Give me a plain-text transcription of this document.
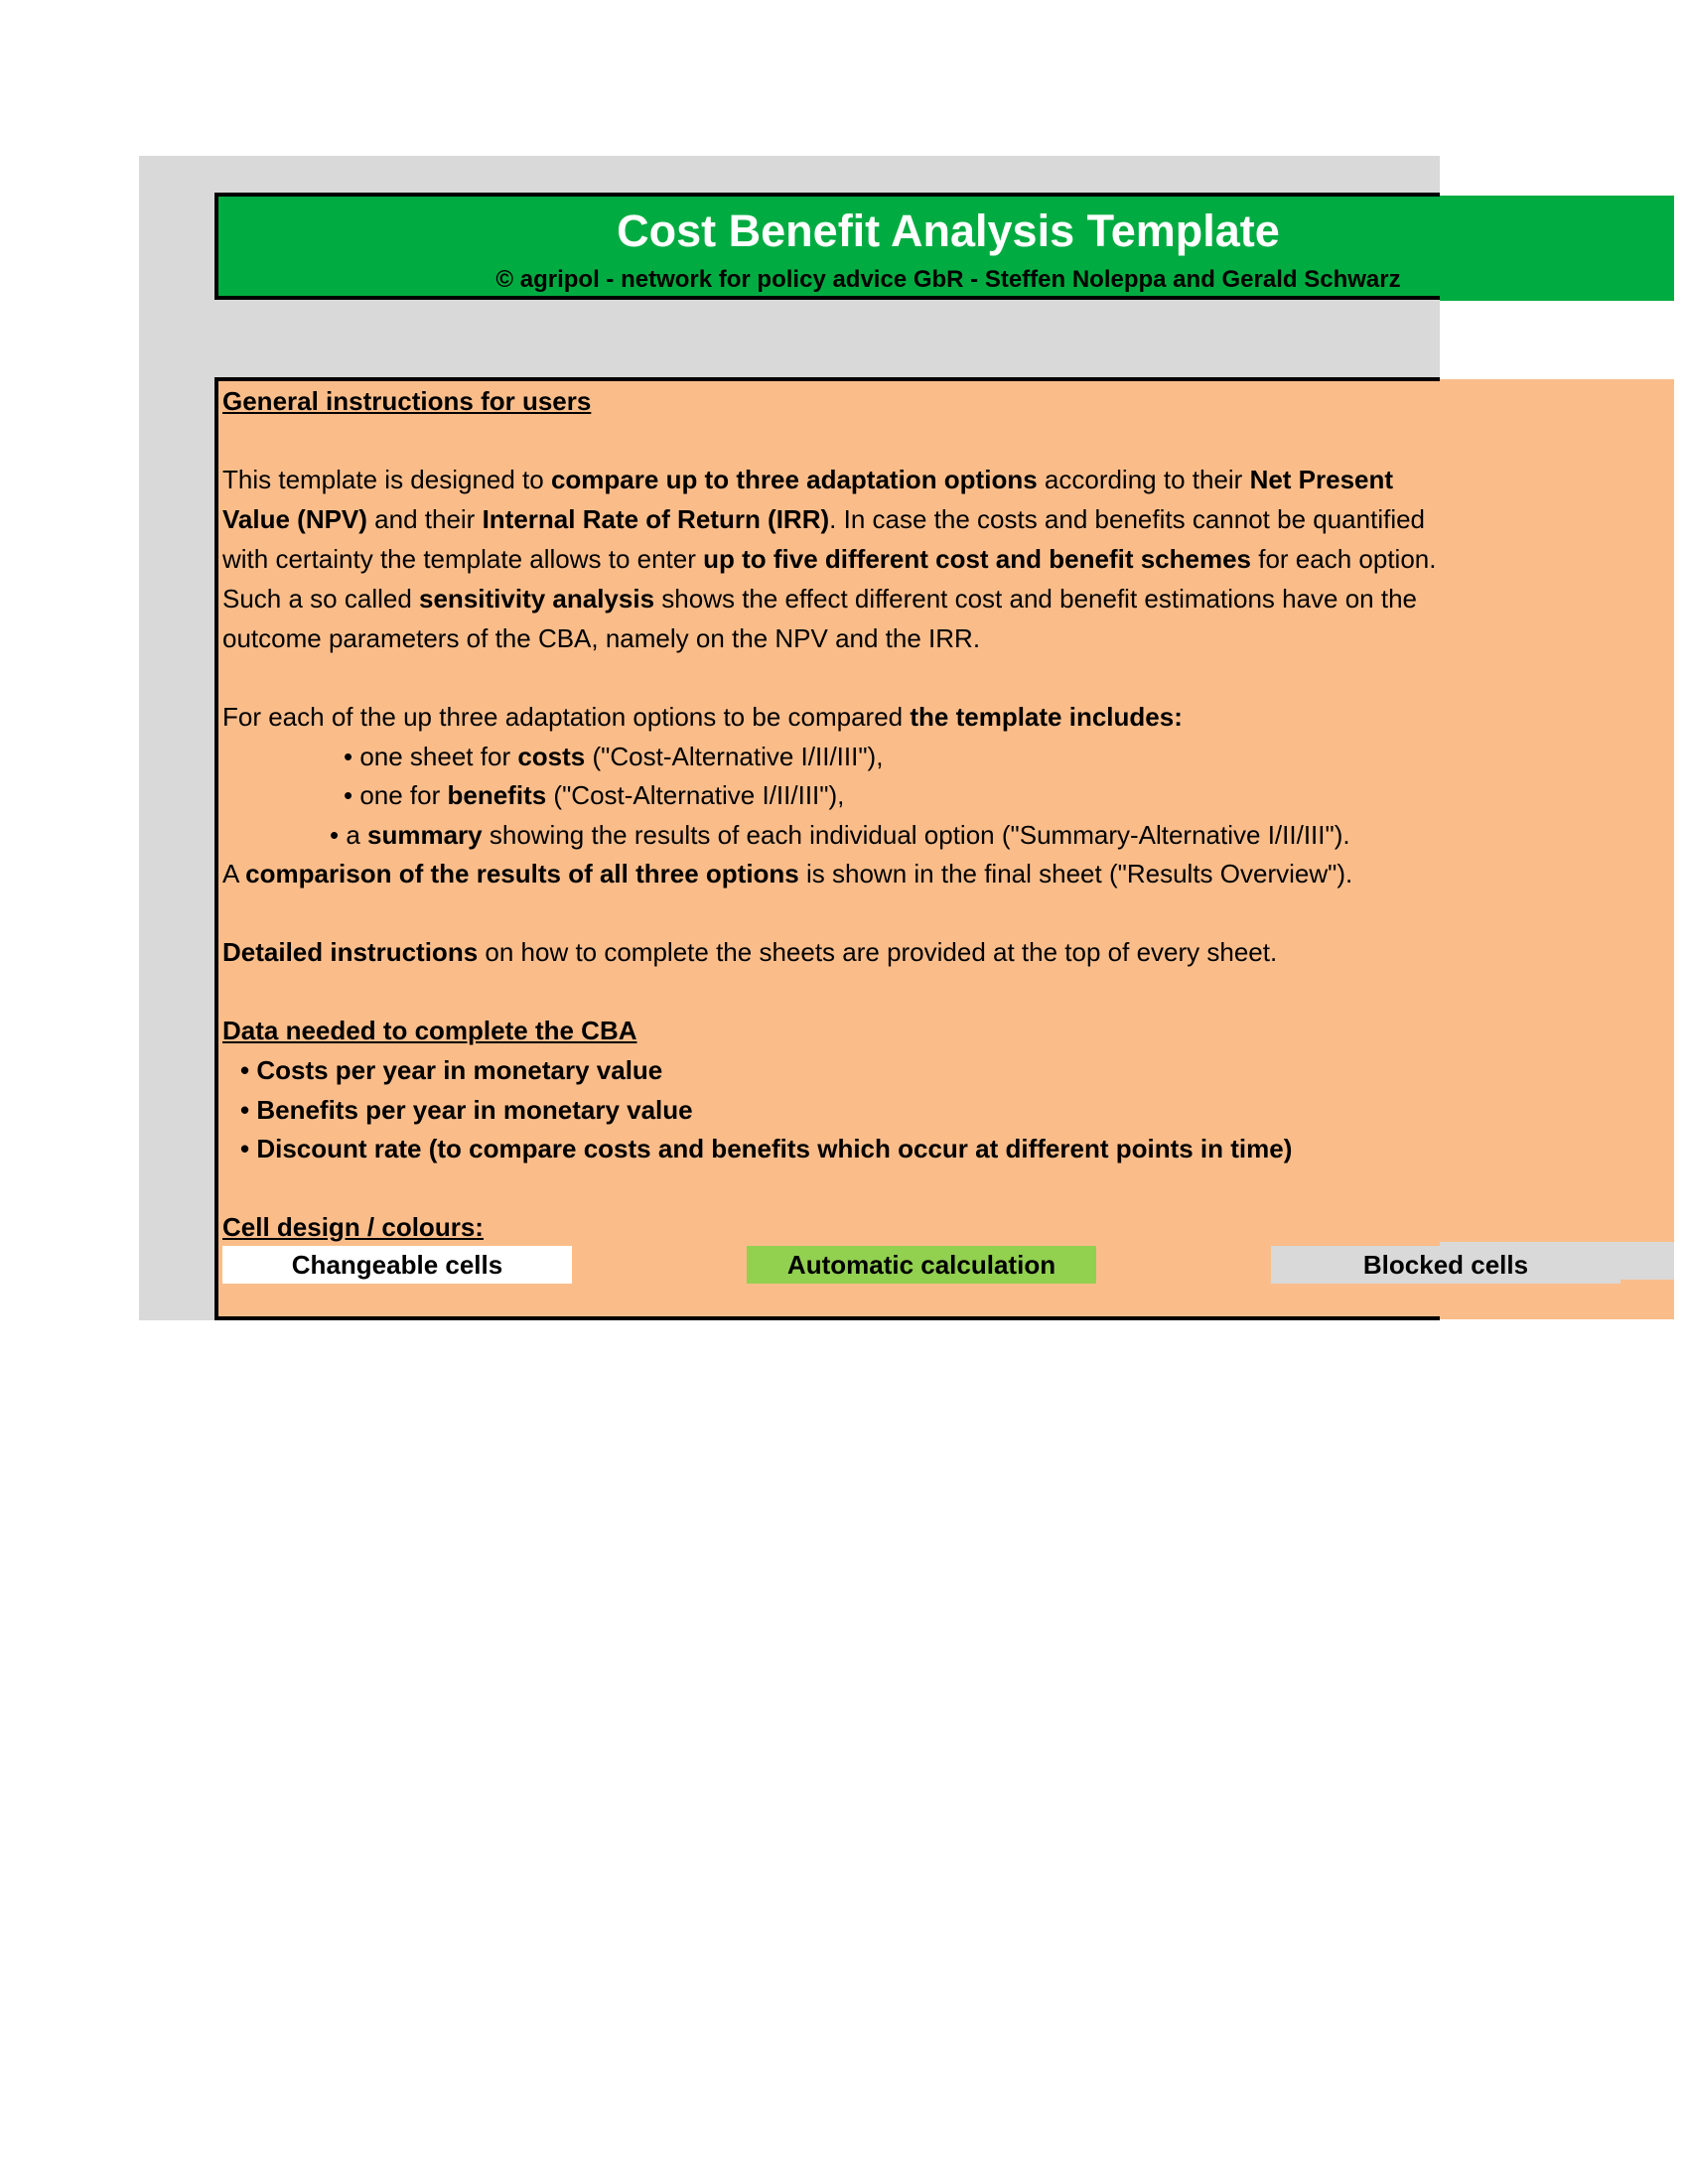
Cost Benefit Analysis Template
© agripol - network for policy advice GbR - Steffen Noleppa and Gerald Schwarz
General instructions for users
This template is designed to compare up to three adaptation options according to their Net Present
Value (NPV) and their Internal Rate of Return (IRR). In case the costs and benefits cannot be quantified
with certainty the template allows to enter up to five different cost and benefit schemes for each option.
Such a so called sensitivity analysis shows the effect different cost and benefit estimations have on the
outcome parameters of the CBA, namely on the NPV and the IRR.
For each of the up three adaptation options to be compared the template includes:
• one sheet for costs ("Cost-Alternative I/II/III"),
• one for benefits ("Cost-Alternative I/II/III"),
• a summary showing the results of each individual option ("Summary-Alternative I/II/III").
A comparison of the results of all three options is shown in the final sheet ("Results Overview").
Detailed instructions on how to complete the sheets are provided at the top of every sheet.
Data needed to complete the CBA
• Costs per year in monetary value
• Benefits per year in monetary value
• Discount rate (to compare costs and benefits which occur at different points in time)
Cell design / colours:
Changeable cells	Automatic calculation	Blocked cells
